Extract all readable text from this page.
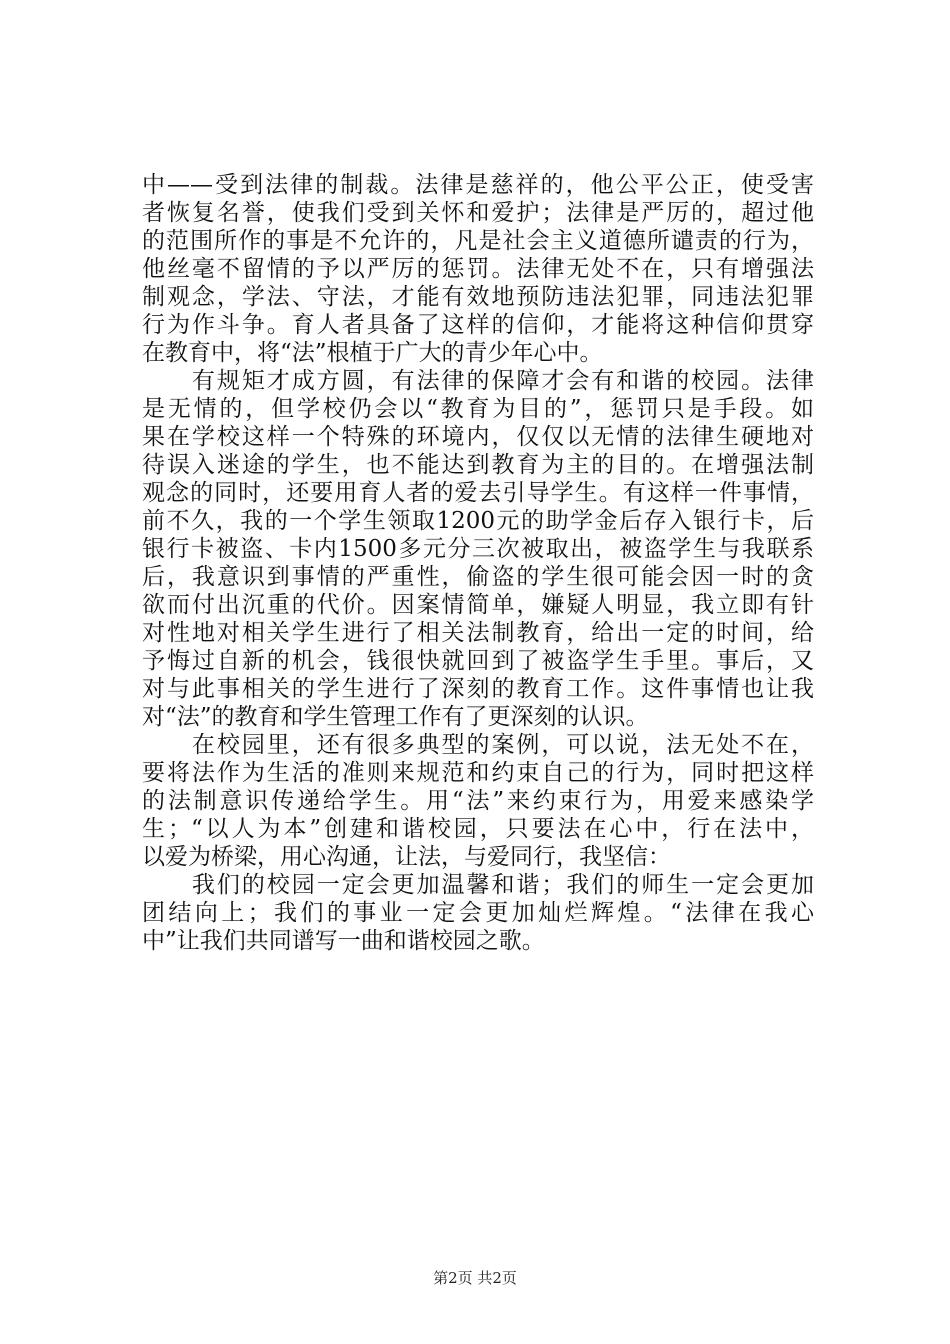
中——受到法律的制裁。法律是慈祥的，他公平公正，使受害
者恢复名誉，使我们受到关怀和爱护；法律是严厉的，超过他
的范围所作的事是不允许的，凡是社会主义道德所谴责的行为，
他丝毫不留情的予以严厉的惩罚。法律无处不在，只有增强法
制观念，学法、守法，才能有效地预防违法犯罪，同违法犯罪
行为作斗争。育人者具备了这样的信仰，才能将这种信仰贯穿
在教育中，将“法”根植于广大的青少年心中。
　　有规矩才成方圆，有法律的保障才会有和谐的校园。法律
是无情的，但学校仍会以“教育为目的”，惩罚只是手段。如
果在学校这样一个特殊的环境内，仅仅以无情的法律生硬地对
待误入迷途的学生，也不能达到教育为主的目的。在增强法制
观念的同时，还要用育人者的爱去引导学生。有这样一件事情，
前不久，我的一个学生领取1200元的助学金后存入银行卡，后
银行卡被盗、卡内1500多元分三次被取出，被盗学生与我联系
后，我意识到事情的严重性，偷盗的学生很可能会因一时的贪
欲而付出沉重的代价。因案情简单，嫌疑人明显，我立即有针
对性地对相关学生进行了相关法制教育，给出一定的时间，给
予悔过自新的机会，钱很快就回到了被盗学生手里。事后，又
对与此事相关的学生进行了深刻的教育工作。这件事情也让我
对“法”的教育和学生管理工作有了更深刻的认识。
　　在校园里，还有很多典型的案例，可以说，法无处不在，
要将法作为生活的准则来规范和约束自己的行为，同时把这样
的法制意识传递给学生。用“法”来约束行为，用爱来感染学
生；“以人为本”创建和谐校园，只要法在心中，行在法中，
以爱为桥梁，用心沟通，让法，与爱同行，我坚信：
　　我们的校园一定会更加温馨和谐；我们的师生一定会更加
团结向上；我们的事业一定会更加灿烂辉煌。“法律在我心
中”让我们共同谱写一曲和谐校园之歌。
第2页 共2页
